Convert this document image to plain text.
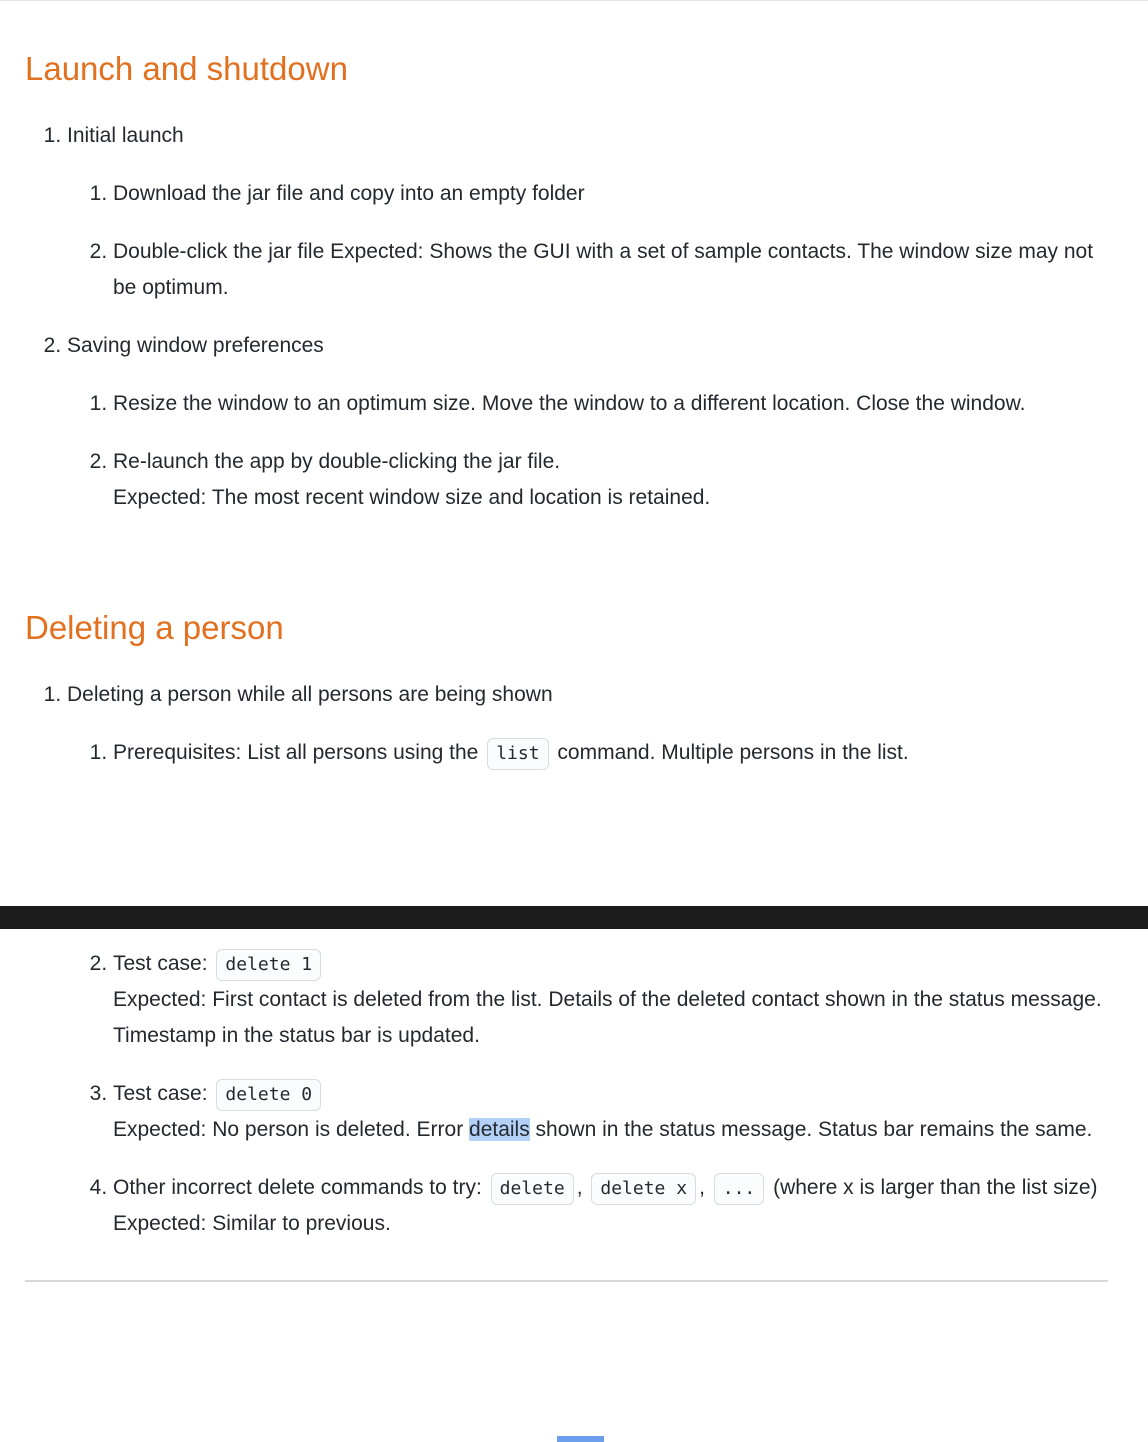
Launch and shutdown
1. Initial launch
1. Download the jar file and copy into an empty folder
2. Double-click the jar file Expected: Shows the GUI with a set of sample contacts. The window size may not be optimum.
2. Saving window preferences
1. Resize the window to an optimum size. Move the window to a different location. Close the window.
2. Re-launch the app by double-clicking the jar file.
Expected: The most recent window size and location is retained.
Deleting a person
1. Deleting a person while all persons are being shown
1. Prerequisites: List all persons using the list command. Multiple persons in the list.
2. Test case: delete 1
Expected: First contact is deleted from the list. Details of the deleted contact shown in the status message. Timestamp in the status bar is updated.
3. Test case: delete 0
Expected: No person is deleted. Error details shown in the status message. Status bar remains the same.
4. Other incorrect delete commands to try: delete , delete x , ... (where x is larger than the list size)
Expected: Similar to previous.
